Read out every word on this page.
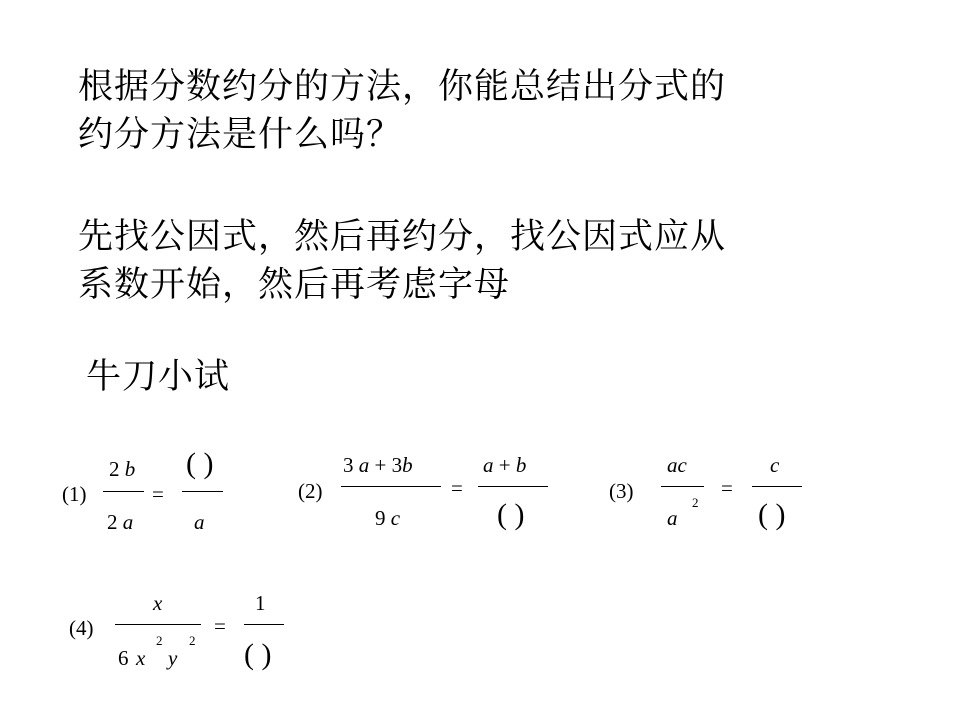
根据分数约分的方法，你能总结出分式的
约分方法是什么吗？
先找公因式，然后再约分，找公因式应从
系数开始，然后再考虑字母
牛刀小试
(1)
2 b
2 a
=
( )
a
(2)
3 a + 3b
9 c
=
a + b
( )
(3)
ac
a
2
=
c
( )
(4)
x
6 x
2
y
2
=
1
( )
